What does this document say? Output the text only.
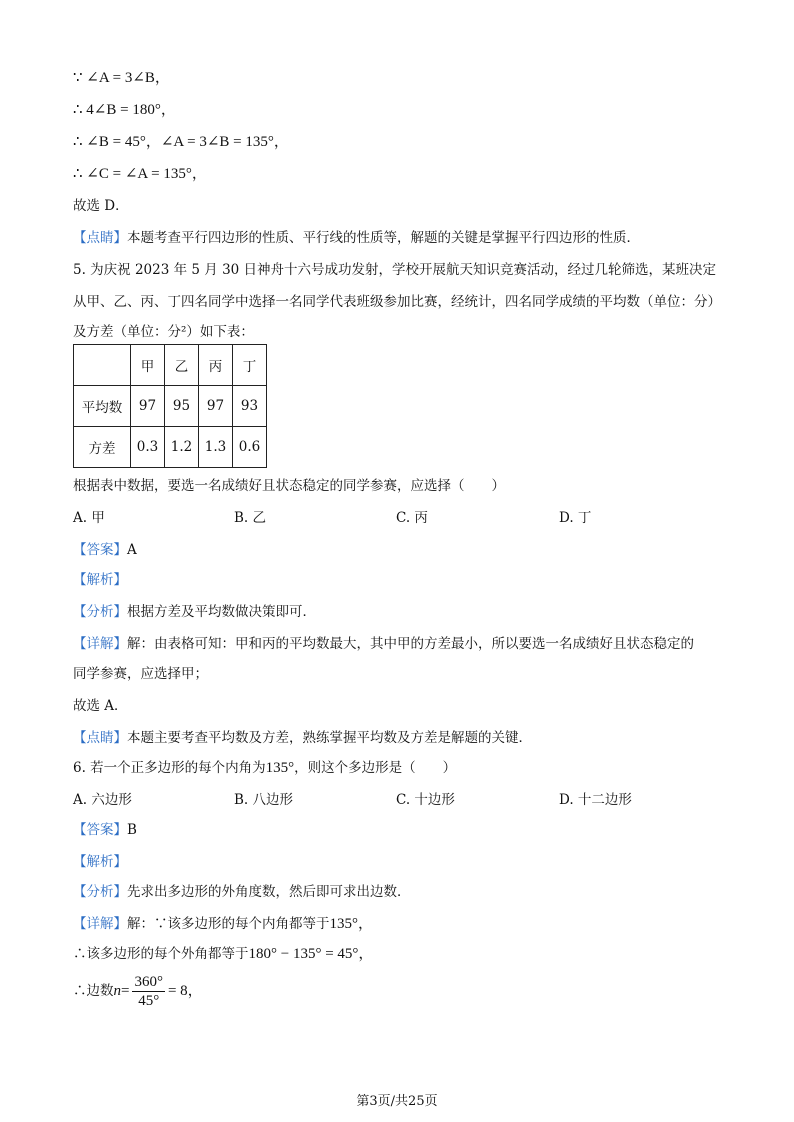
∵ ∠A = 3∠B，
∴ 4∠B = 180°，
∴ ∠B = 45°，∠A = 3∠B = 135°，
∴ ∠C = ∠A = 135°，
故选 D．
【点睛】本题考查平行四边形的性质、平行线的性质等，解题的关键是掌握平行四边形的性质．
5. 为庆祝 2023 年 5 月 30 日神舟十六号成功发射，学校开展航天知识竞赛活动，经过几轮筛选，某班决定
从甲、乙、丙、丁四名同学中选择一名同学代表班级参加比赛，经统计，四名同学成绩的平均数（单位：分）
及方差（单位：分²）如下表：
	甲	乙	丙	丁
平均数	97	95	97	93
方差	0.3	1.2	1.3	0.6
根据表中数据，要选一名成绩好且状态稳定的同学参赛，应选择（　　）
A. 甲	B. 乙	C. 丙	D. 丁
【答案】A
【解析】
【分析】根据方差及平均数做决策即可．
【详解】解：由表格可知：甲和丙的平均数最大，其中甲的方差最小，所以要选一名成绩好且状态稳定的
同学参赛，应选择甲；
故选 A．
【点睛】本题主要考查平均数及方差，熟练掌握平均数及方差是解题的关键．
6. 若一个正多边形的每个内角为135°，则这个多边形是（　　）
A. 六边形	B. 八边形	C. 十边形	D. 十二边形
【答案】B
【解析】
【分析】先求出多边形的外角度数，然后即可求出边数．
【详解】解：∵该多边形的每个内角都等于135°，
∴该多边形的每个外角都等于180° − 135° = 45°，
∴边数$n= \frac{360^\circ}{45^\circ} = 8$，
第3页/共25页
